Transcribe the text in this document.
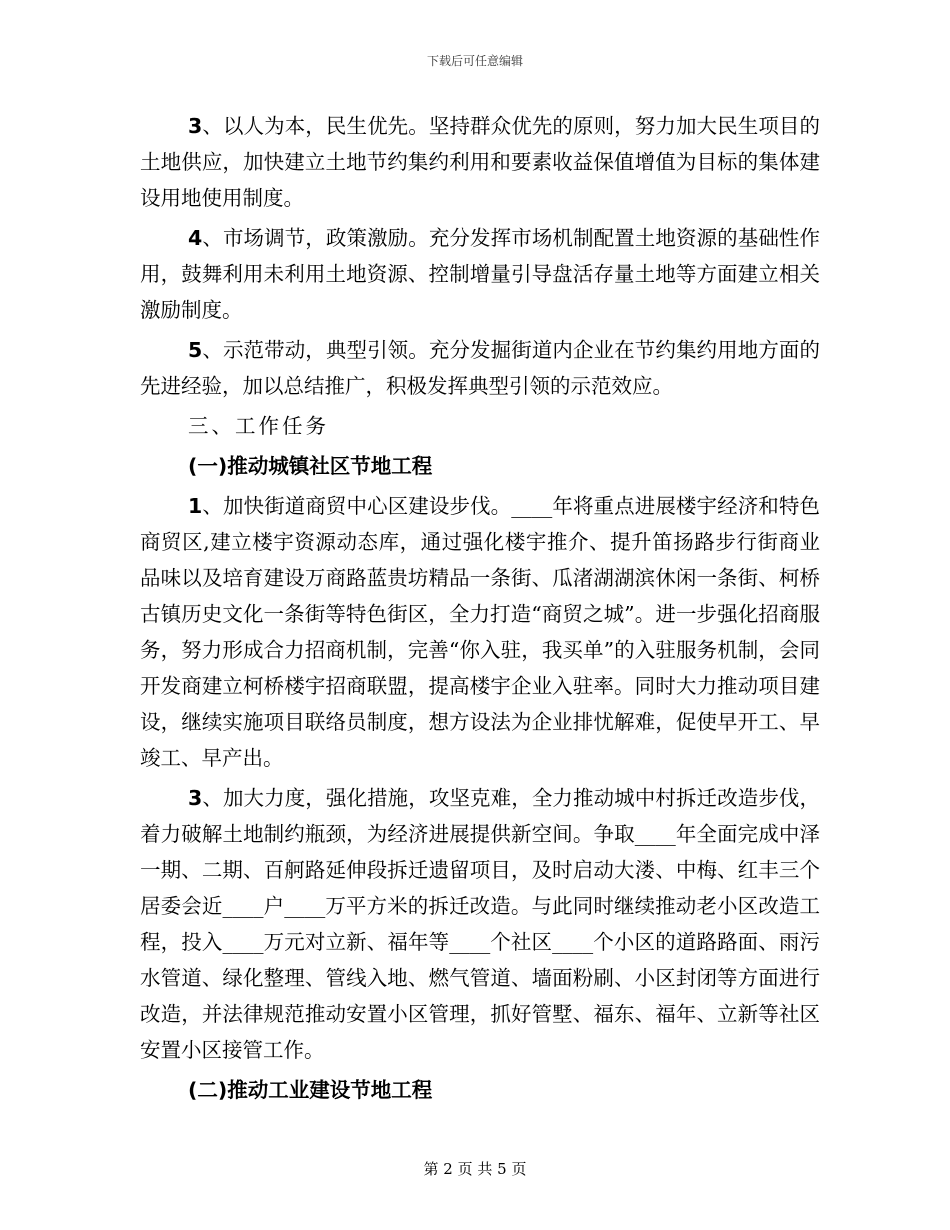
下载后可任意编辑

3、以人为本，民生优先。坚持群众优先的原则，努力加大民生项目的土地供应，加快建立土地节约集约利用和要素收益保值增值为目标的集体建设用地使用制度。

4、市场调节，政策激励。充分发挥市场机制配置土地资源的基础性作用，鼓舞利用未利用土地资源、控制增量引导盘活存量土地等方面建立相关激励制度。

5、示范带动，典型引领。充分发掘街道内企业在节约集约用地方面的先进经验，加以总结推广，积极发挥典型引领的示范效应。

三、工作任务

(一)推动城镇社区节地工程

1、加快街道商贸中心区建设步伐。____年将重点进展楼宇经济和特色商贸区,建立楼宇资源动态库，通过强化楼宇推介、提升笛扬路步行街商业品味以及培育建设万商路蓝贵坊精品一条街、瓜渚湖湖滨休闲一条街、柯桥古镇历史文化一条街等特色街区，全力打造“商贸之城”。进一步强化招商服务，努力形成合力招商机制，完善“你入驻，我买单”的入驻服务机制，会同开发商建立柯桥楼宇招商联盟，提高楼宇企业入驻率。同时大力推动项目建设，继续实施项目联络员制度，想方设法为企业排忧解难，促使早开工、早竣工、早产出。

3、加大力度，强化措施，攻坚克难，全力推动城中村拆迁改造步伐，着力破解土地制约瓶颈，为经济进展提供新空间。争取____年全面完成中泽一期、二期、百舸路延伸段拆迁遗留项目，及时启动大溇、中梅、红丰三个居委会近____户____万平方米的拆迁改造。与此同时继续推动老小区改造工程，投入____万元对立新、福年等____个社区____个小区的道路路面、雨污水管道、绿化整理、管线入地、燃气管道、墙面粉刷、小区封闭等方面进行改造，并法律规范推动安置小区管理，抓好管墅、福东、福年、立新等社区安置小区接管工作。

(二)推动工业建设节地工程

第 2 页 共 5 页
